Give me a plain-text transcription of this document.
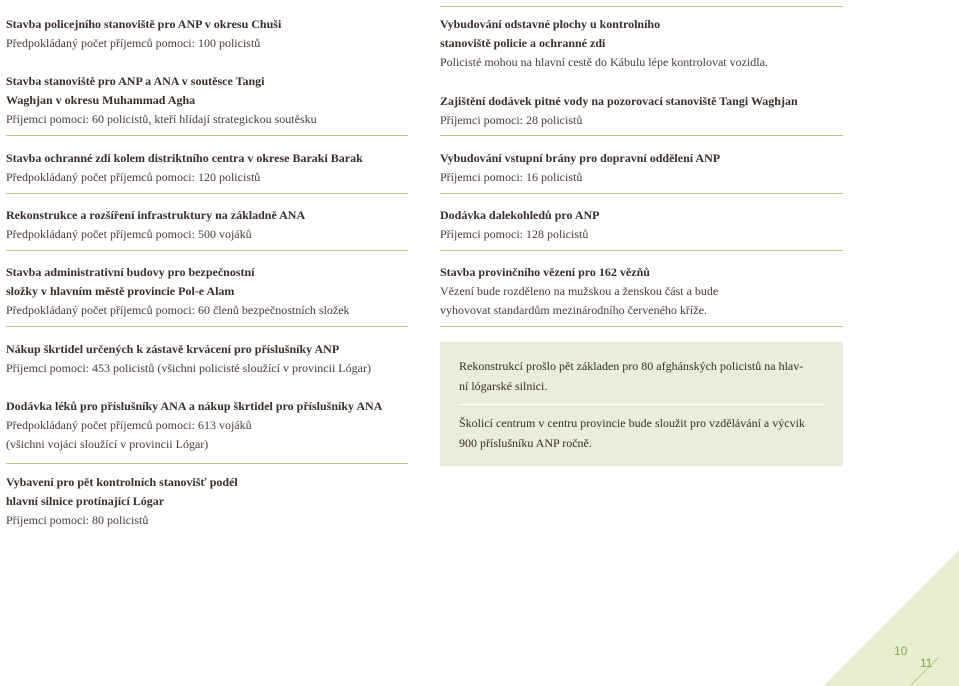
Stavba policejního stanoviště pro ANP v okresu Chuši
Předpokládaný počet příjemců pomoci: 100 policistů
Stavba stanoviště pro ANP a ANA v soutěsce Tangi
Waghjan v okresu Muhammad Agha
Příjemci pomoci: 60 policistů, kteří hlídají strategickou soutěsku
Stavba ochranné zdi kolem distriktního centra v okrese Baraki Barak
Předpokládaný počet příjemců pomoci: 120 policistů
Rekonstrukce a rozšíření infrastruktury na základně ANA
Předpokládaný počet příjemců pomoci: 500 vojáků
Stavba administrativní budovy pro bezpečnostní
složky v hlavním městě provincie Pol-e Alam
Předpokládaný počet příjemců pomoci: 60 členů bezpečnostních složek
Nákup škrtidel určených k zástavě krvácení pro příslušníky ANP
Příjemci pomoci: 453 policistů (všichni policisté sloužící v provincii Lógar)
Dodávka léků pro příslušníky ANA a nákup škrtidel pro příslušníky ANA
Předpokládaný počet příjemců pomoci: 613 vojáků
(všichni vojáci sloužící v provincii Lógar)
Vybavení pro pět kontrolních stanovišť podél
hlavní silnice protínající Lógar
Příjemci pomoci: 80 policistů
Vybudování odstavné plochy u kontrolního
stanoviště policie a ochranné zdi
Policisté mohou na hlavní cestě do Kábulu lépe kontrolovat vozidla.
Zajištění dodávek pitné vody na pozorovací stanoviště Tangi Waghjan
Příjemci pomoci: 28 policistů
Vybudování vstupní brány pro dopravní oddělení ANP
Příjemci pomoci: 16 policistů
Dodávka dalekohledů pro ANP
Příjemci pomoci: 128 policistů
Stavba provinčního vězení pro 162 vězňů
Vězení bude rozděleno na mužskou a ženskou část a bude
vyhovovat standardům mezinárodního červeného kříže.
Rekonstrukcí prošlo pět základen pro 80 afghánských policistů na hlav-
ní lógarské silnici.
Školicí centrum v centru provincie bude sloužit pro vzdělávání a výcvik
900 příslušníku ANP ročně.
10
11
